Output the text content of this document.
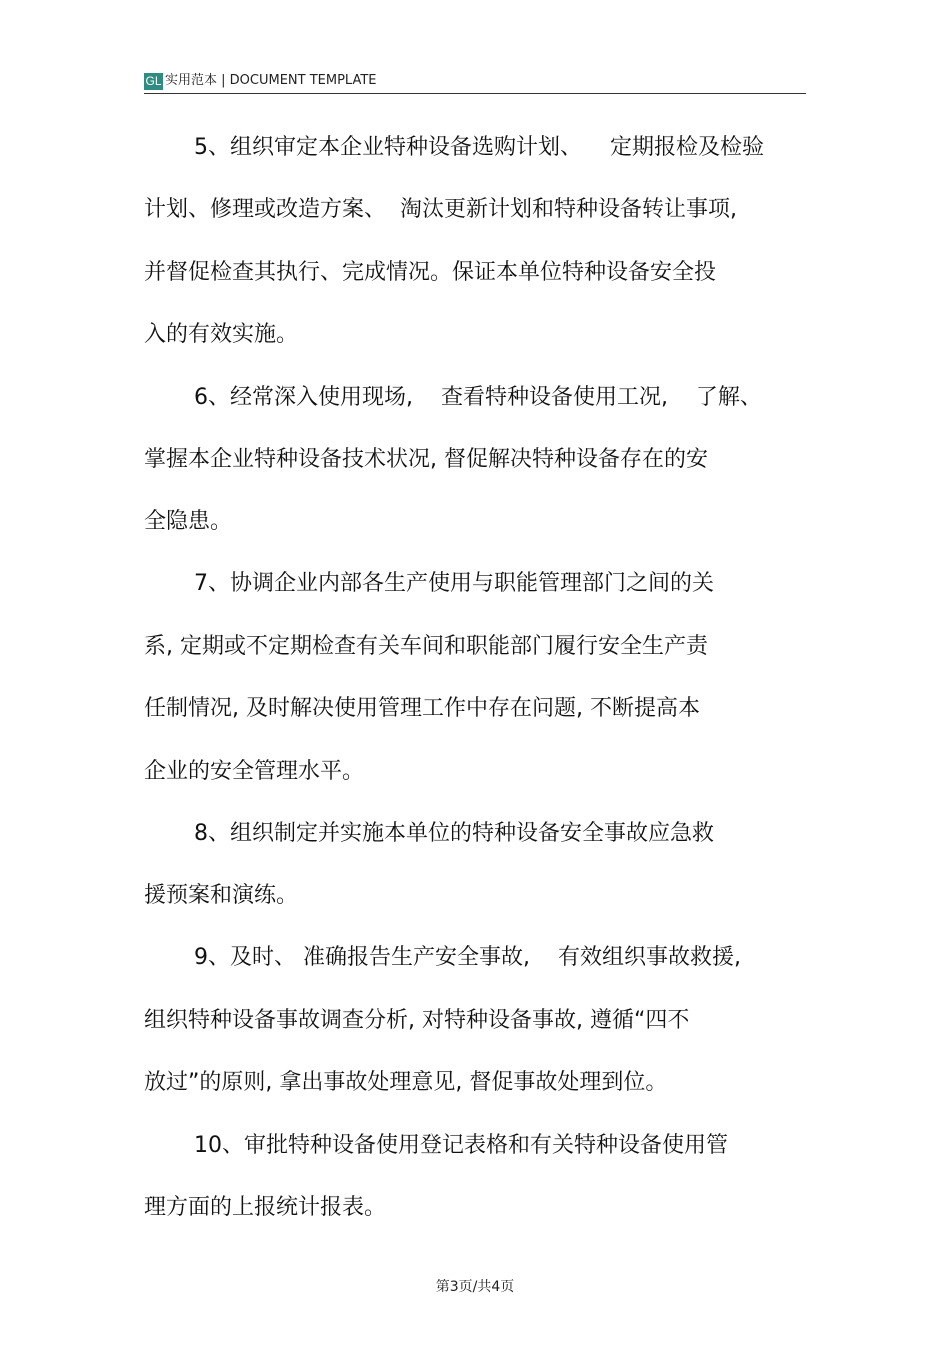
GL 实用范本 | DOCUMENT TEMPLATE
5、组织审定本企业特种设备选购计划、    定期报检及检验
计划、修理或改造方案、  淘汰更新计划和特种设备转让事项,
并督促检查其执行、完成情况。保证本单位特种设备安全投
入的有效实施。
6、经常深入使用现场,    查看特种设备使用工况,    了解、
掌握本企业特种设备技术状况, 督促解决特种设备存在的安
全隐患。
7、协调企业内部各生产使用与职能管理部门之间的关
系, 定期或不定期检查有关车间和职能部门履行安全生产责
任制情况, 及时解决使用管理工作中存在问题, 不断提高本
企业的安全管理水平。
8、组织制定并实施本单位的特种设备安全事故应急救
援预案和演练。
9、及时、 准确报告生产安全事故,    有效组织事故救援,
组织特种设备事故调查分析, 对特种设备事故, 遵循“四不
放过”的原则, 拿出事故处理意见, 督促事故处理到位。
10、审批特种设备使用登记表格和有关特种设备使用管
理方面的上报统计报表。
第3页/共4页
